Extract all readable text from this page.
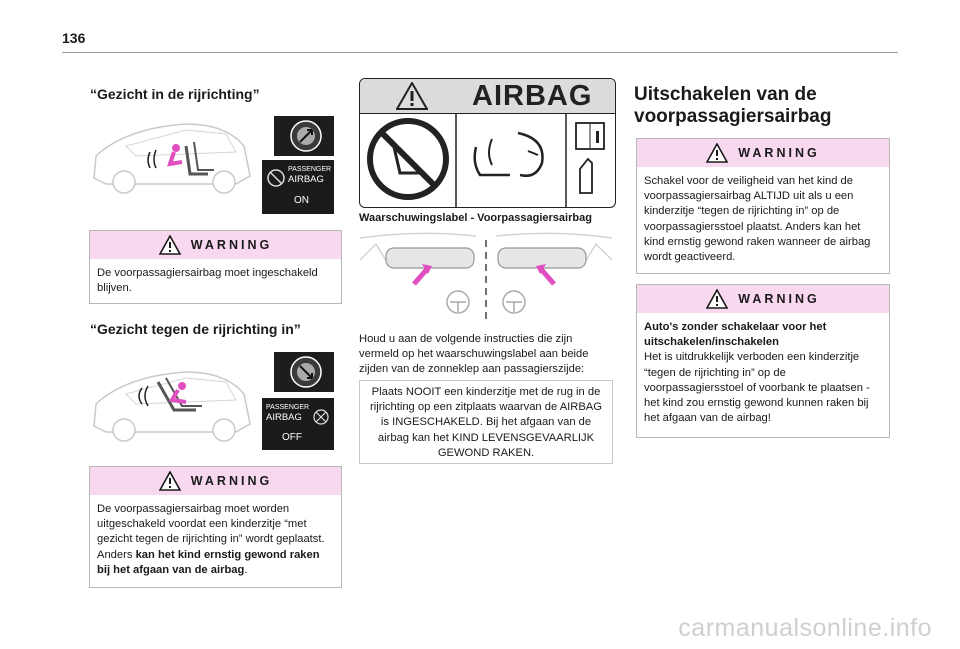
136
“Gezicht in de rijrichting”
PASSENGER
AIRBAG
ON
WARNING
De voorpassagiersairbag moet ingeschakeld blijven.
“Gezicht tegen de rijrichting in”
PASSENGER
AIRBAG
OFF
WARNING
De voorpassagiersairbag moet worden uitgeschakeld voordat een kinderzitje “met gezicht tegen de rijrichting in” wordt geplaatst. Anders kan het kind ernstig gewond raken bij het afgaan van de airbag.
AIRBAG
Waarschuwingslabel - Voorpassagiersairbag
Houd u aan de volgende instructies die zijn vermeld op het waarschuwingslabel aan beide zijden van de zonneklep aan passagierszijde:
Plaats NOOIT een kinderzitje met de rug in de rijrichting op een zitplaats waarvan de AIRBAG is INGESCHAKELD. Bij het afgaan van de airbag kan het KIND LEVENSGEVAARLIJK GEWOND RAKEN.
Uitschakelen van de
voorpassagiersairbag
WARNING
Schakel voor de veiligheid van het kind de voorpassagiersairbag ALTIJD uit als u een kinderzitje “tegen de rijrichting in” op de voorpassagiersstoel plaatst. Anders kan het kind ernstig gewond raken wanneer de airbag wordt geactiveerd.
WARNING
Auto's zonder schakelaar voor het uitschakelen/inschakelen
Het is uitdrukkelijk verboden een kinderzitje “tegen de rijrichting in” op de voorpassagiersstoel of voorbank te plaatsen - het kind zou ernstig gewond kunnen raken bij het afgaan van de airbag!
carmanualsonline.info
